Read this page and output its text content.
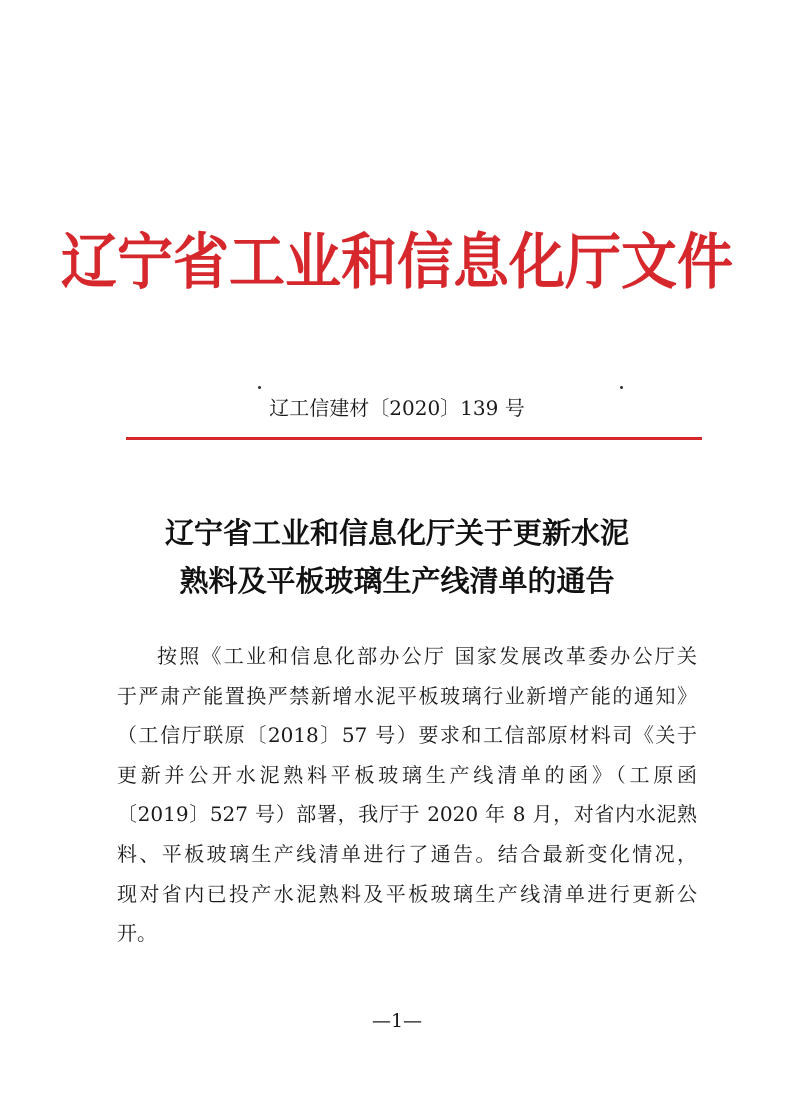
辽宁省工业和信息化厅文件
辽工信建材〔2020〕139 号
辽宁省工业和信息化厅关于更新水泥
熟料及平板玻璃生产线清单的通告
按照《工业和信息化部办公厅 国家发展改革委办公厅关
于严肃产能置换严禁新增水泥平板玻璃行业新增产能的通知》
（工信厅联原〔2018〕57 号）要求和工信部原材料司《关于
更新并公开水泥熟料平板玻璃生产线清单的函》（工原函
〔2019〕527 号）部署，我厅于 2020 年 8 月，对省内水泥熟
料、平板玻璃生产线清单进行了通告。结合最新变化情况，
现对省内已投产水泥熟料及平板玻璃生产线清单进行更新公
开。
—1—
